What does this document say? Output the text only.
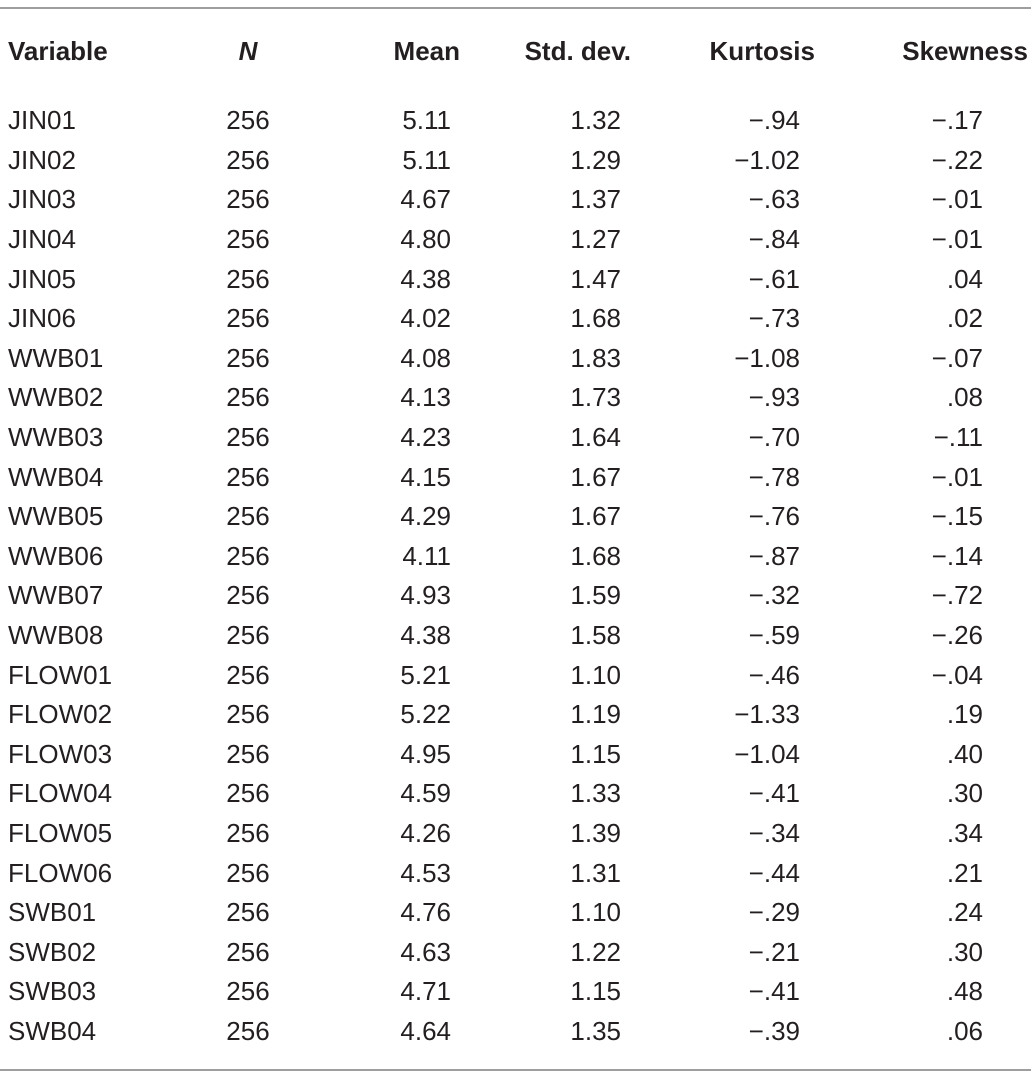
Variable	N	Mean	Std. dev.	Kurtosis	Skewness
JIN01	256	5.11	1.32	−.94	−.17
JIN02	256	5.11	1.29	−1.02	−.22
JIN03	256	4.67	1.37	−.63	−.01
JIN04	256	4.80	1.27	−.84	−.01
JIN05	256	4.38	1.47	−.61	.04
JIN06	256	4.02	1.68	−.73	.02
WWB01	256	4.08	1.83	−1.08	−.07
WWB02	256	4.13	1.73	−.93	.08
WWB03	256	4.23	1.64	−.70	−.11
WWB04	256	4.15	1.67	−.78	−.01
WWB05	256	4.29	1.67	−.76	−.15
WWB06	256	4.11	1.68	−.87	−.14
WWB07	256	4.93	1.59	−.32	−.72
WWB08	256	4.38	1.58	−.59	−.26
FLOW01	256	5.21	1.10	−.46	−.04
FLOW02	256	5.22	1.19	−1.33	.19
FLOW03	256	4.95	1.15	−1.04	.40
FLOW04	256	4.59	1.33	−.41	.30
FLOW05	256	4.26	1.39	−.34	.34
FLOW06	256	4.53	1.31	−.44	.21
SWB01	256	4.76	1.10	−.29	.24
SWB02	256	4.63	1.22	−.21	.30
SWB03	256	4.71	1.15	−.41	.48
SWB04	256	4.64	1.35	−.39	.06
